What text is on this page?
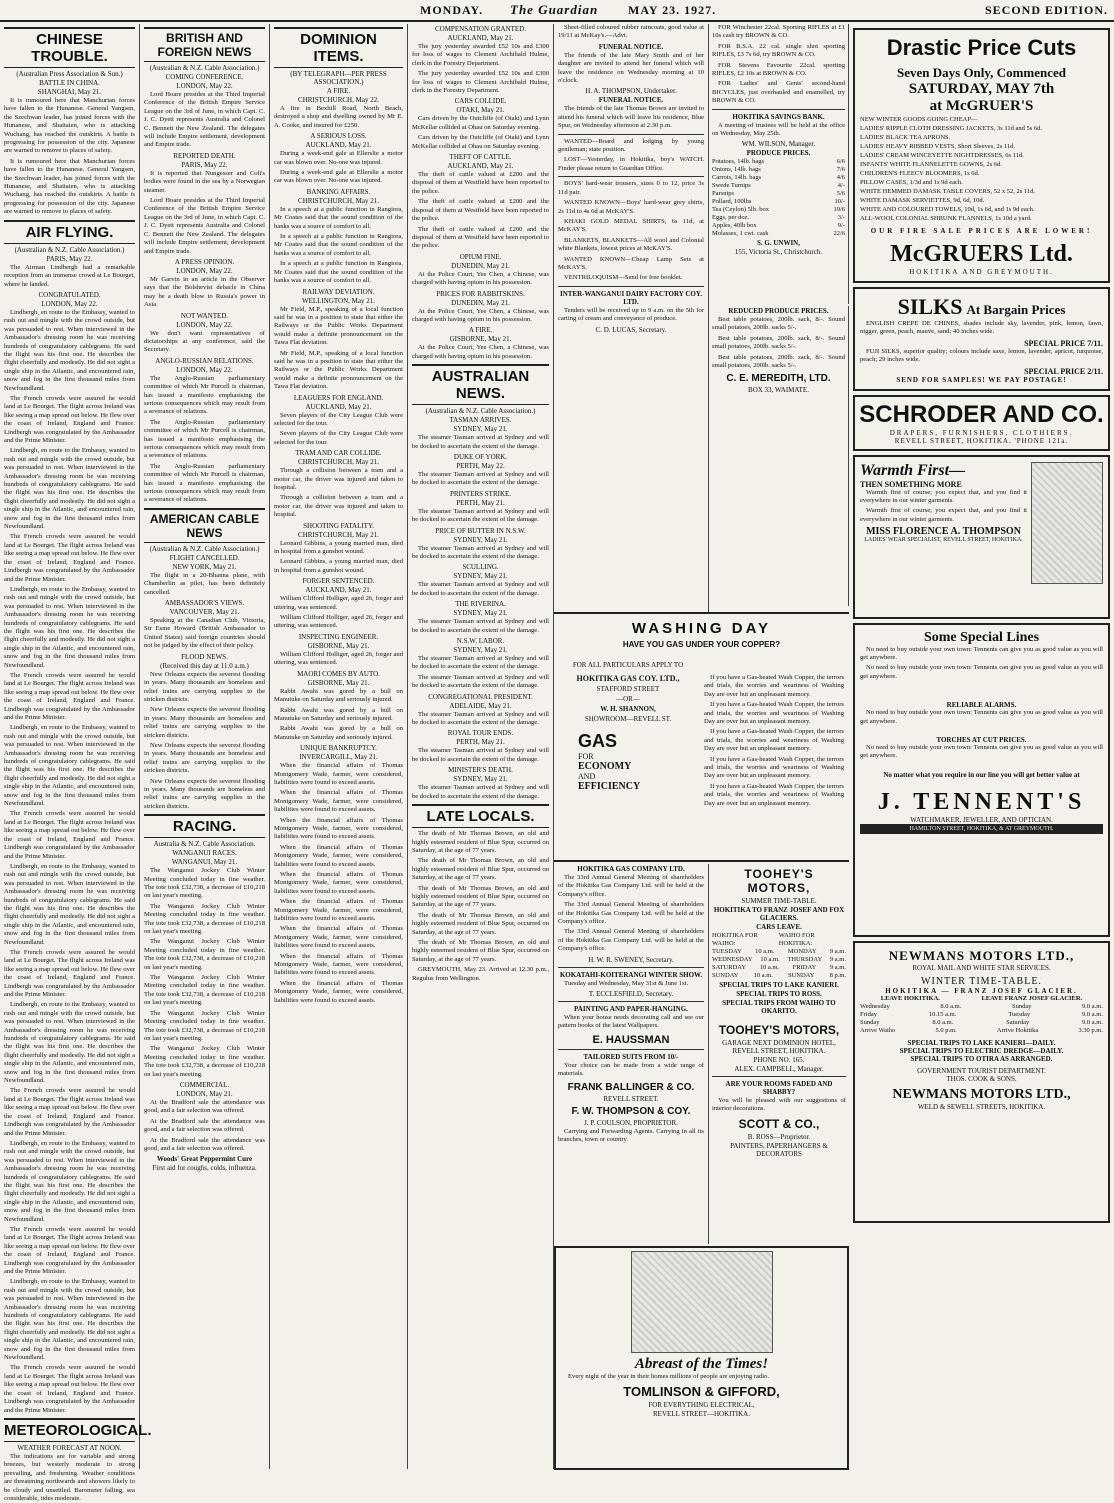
MONDAY. The Guardian MAY 23. 1927.	SECOND EDITION.
CHINESE TROUBLE.
(Australian Press Association & Sun.)
BATTLE IN CHINA.
SHANGHAI, May 21.

It is rumoured here that Manchurian forces have fallen to the Hunanese. General Yangsen, the Szechwan leader, has joined forces with the Hunanese, and Shaitaien, who is attacking Wuchang, has reached the outskirts. A battle is progressing for possession of the city. Japanese are warned to remove to places of safety.

It is rumoured here that Manchurian forces have fallen to the Hunanese. General Yangsen, the Szechwan leader, has joined forces with the Hunanese, and Shaitaien, who is attacking Wuchang, has reached the outskirts. A battle is progressing for possession of the city. Japanese are warned to remove to places of safety.

AIR FLYING.
(Australian & N.Z. Cable Association.)
PARIS, May 22.

The Airman Lindbergh had a remarkable reception from an immense crowd at Le Bourget, where he landed.

CONGRATULATED.
LONDON, May 22.

Lindbergh, en route to the Embassy, wanted to rush out and mingle with the crowd outside, but was persuaded to rest. When interviewed in the Ambassador's dressing room he was receiving hundreds of congratulatory cablegrams. He said the flight was his first one. He describes the flight cheerfully and modestly. He did not sight a single ship in the Atlantic, and encountered rain, snow and fog in the first thousand miles from Newfoundland.

The French crowds were assured he would land at Le Bourget. The flight across Ireland was like seeing a map spread out below. He flew over the coast of Ireland, England and France. Lindbergh was congratulated by the Ambassador and the Prime Minister.

Lindbergh, en route to the Embassy, wanted to rush out and mingle with the crowd outside, but was persuaded to rest. When interviewed in the Ambassador's dressing room he was receiving hundreds of congratulatory cablegrams. He said the flight was his first one. He describes the flight cheerfully and modestly. He did not sight a single ship in the Atlantic, and encountered rain, snow and fog in the first thousand miles from Newfoundland.

The French crowds were assured he would land at Le Bourget. The flight across Ireland was like seeing a map spread out below. He flew over the coast of Ireland, England and France. Lindbergh was congratulated by the Ambassador and the Prime Minister.

Lindbergh, en route to the Embassy, wanted to rush out and mingle with the crowd outside, but was persuaded to rest. When interviewed in the Ambassador's dressing room he was receiving hundreds of congratulatory cablegrams. He said the flight was his first one. He describes the flight cheerfully and modestly. He did not sight a single ship in the Atlantic, and encountered rain, snow and fog in the first thousand miles from Newfoundland.

The French crowds were assured he would land at Le Bourget. The flight across Ireland was like seeing a map spread out below. He flew over the coast of Ireland, England and France. Lindbergh was congratulated by the Ambassador and the Prime Minister.

Lindbergh, en route to the Embassy, wanted to rush out and mingle with the crowd outside, but was persuaded to rest. When interviewed in the Ambassador's dressing room he was receiving hundreds of congratulatory cablegrams. He said the flight was his first one. He describes the flight cheerfully and modestly. He did not sight a single ship in the Atlantic, and encountered rain, snow and fog in the first thousand miles from Newfoundland.

The French crowds were assured he would land at Le Bourget. The flight across Ireland was like seeing a map spread out below. He flew over the coast of Ireland, England and France. Lindbergh was congratulated by the Ambassador and the Prime Minister.

Lindbergh, en route to the Embassy, wanted to rush out and mingle with the crowd outside, but was persuaded to rest. When interviewed in the Ambassador's dressing room he was receiving hundreds of congratulatory cablegrams. He said the flight was his first one. He describes the flight cheerfully and modestly. He did not sight a single ship in the Atlantic, and encountered rain, snow and fog in the first thousand miles from Newfoundland.

The French crowds were assured he would land at Le Bourget. The flight across Ireland was like seeing a map spread out below. He flew over the coast of Ireland, England and France. Lindbergh was congratulated by the Ambassador and the Prime Minister.

Lindbergh, en route to the Embassy, wanted to rush out and mingle with the crowd outside, but was persuaded to rest. When interviewed in the Ambassador's dressing room he was receiving hundreds of congratulatory cablegrams. He said the flight was his first one. He describes the flight cheerfully and modestly. He did not sight a single ship in the Atlantic, and encountered rain, snow and fog in the first thousand miles from Newfoundland.

The French crowds were assured he would land at Le Bourget. The flight across Ireland was like seeing a map spread out below. He flew over the coast of Ireland, England and France. Lindbergh was congratulated by the Ambassador and the Prime Minister.

Lindbergh, en route to the Embassy, wanted to rush out and mingle with the crowd outside, but was persuaded to rest. When interviewed in the Ambassador's dressing room he was receiving hundreds of congratulatory cablegrams. He said the flight was his first one. He describes the flight cheerfully and modestly. He did not sight a single ship in the Atlantic, and encountered rain, snow and fog in the first thousand miles from Newfoundland.

The French crowds were assured he would land at Le Bourget. The flight across Ireland was like seeing a map spread out below. He flew over the coast of Ireland, England and France. Lindbergh was congratulated by the Ambassador and the Prime Minister.

Lindbergh, en route to the Embassy, wanted to rush out and mingle with the crowd outside, but was persuaded to rest. When interviewed in the Ambassador's dressing room he was receiving hundreds of congratulatory cablegrams. He said the flight was his first one. He describes the flight cheerfully and modestly. He did not sight a single ship in the Atlantic, and encountered rain, snow and fog in the first thousand miles from Newfoundland.

The French crowds were assured he would land at Le Bourget. The flight across Ireland was like seeing a map spread out below. He flew over the coast of Ireland, England and France. Lindbergh was congratulated by the Ambassador and the Prime Minister.

METEOROLOGICAL.
WEATHER FORECAST AT NOON.

The indications are for variable and strong breezes, but westerly moderate to strong prevailing, and freshening. Weather conditions are threatening northwards and showers likely to be cloudy and unsettled. Barometer falling, sea considerable, tides moderate.

BRITISH AND FOREIGN NEWS
(Australian & N.Z. Cable Association.)
COMING CONFERENCE.
LONDON, May 22.

Lord Hoare presides at the Third Imperial Conference of the British Empire Service League on the 3rd of June, in which Capt. C. J. C. Dyett represents Australia and Colonel C. Bennett the New Zealand. The delegates will include Empire settlement, development and Empire trade.

REPORTED DEATH.
PARIS, May 22.

It is reported that Nungesser and Coli's bodies were found in the sea by a Norwegian steamer.

Lord Hoare presides at the Third Imperial Conference of the British Empire Service League on the 3rd of June, in which Capt. C. J. C. Dyett represents Australia and Colonel C. Bennett the New Zealand. The delegates will include Empire settlement, development and Empire trade.

A PRESS OPINION.
LONDON, May 22.

Mr Garvin in an article in the Observer says that the Bolshevist debacle in China may be a death blow to Russia's power in Asia.

NOT WANTED.
LONDON, May 22.

We don't want representatives of dictatorships at any conference, said the Secretary.

ANGLO-RUSSIAN RELATIONS.
LONDON, May 22.

The Anglo-Russian parliamentary committee of which Mr Purcell is chairman, has issued a manifesto emphasising the serious consequences which may result from a severance of relations.

The Anglo-Russian parliamentary committee of which Mr Purcell is chairman, has issued a manifesto emphasising the serious consequences which may result from a severance of relations.

The Anglo-Russian parliamentary committee of which Mr Purcell is chairman, has issued a manifesto emphasising the serious consequences which may result from a severance of relations.

AMERICAN CABLE NEWS
(Australian & N.Z. Cable Association.)
FLIGHT CANCELLED.
NEW YORK, May 21.

The flight in a 20-Bhanna plane, with Chamberlin as pilot, has been definitely cancelled.

AMBASSADOR'S VIEWS.
VANCOUVER, May 21.

Speaking at the Canadian Club, Victoria, Sir Esme Howard (British Ambassador to United States) said foreign countries should not be judged by the effect of their policy.

FLOOD NEWS.
(Received this day at 11.0 a.m.)

New Orleans expects the severest flooding in years. Many thousands are homeless and relief trains are carrying supplies to the stricken districts.

New Orleans expects the severest flooding in years. Many thousands are homeless and relief trains are carrying supplies to the stricken districts.

New Orleans expects the severest flooding in years. Many thousands are homeless and relief trains are carrying supplies to the stricken districts.

New Orleans expects the severest flooding in years. Many thousands are homeless and relief trains are carrying supplies to the stricken districts.

RACING.
Australia & N.Z. Cable Association.
WANGANUI RACES.
WANGANUI, May 21.

The Wanganui Jockey Club Winter Meeting concluded today in fine weather. The tote took £32,738, a decrease of £10,218 on last year's meeting.

The Wanganui Jockey Club Winter Meeting concluded today in fine weather. The tote took £32,738, a decrease of £10,218 on last year's meeting.

The Wanganui Jockey Club Winter Meeting concluded today in fine weather. The tote took £32,738, a decrease of £10,218 on last year's meeting.

The Wanganui Jockey Club Winter Meeting concluded today in fine weather. The tote took £32,738, a decrease of £10,218 on last year's meeting.

The Wanganui Jockey Club Winter Meeting concluded today in fine weather. The tote took £32,738, a decrease of £10,218 on last year's meeting.

The Wanganui Jockey Club Winter Meeting concluded today in fine weather. The tote took £32,738, a decrease of £10,218 on last year's meeting.

COMMERCIAL.
LONDON, May 21.

At the Bradford sale the attendance was good, and a fair selection was offered.

At the Bradford sale the attendance was good, and a fair selection was offered.

At the Bradford sale the attendance was good, and a fair selection was offered.

Woods' Great Peppermint Cure
First aid for coughs, colds, influenza.
DOMINION ITEMS.
(BY TELEGRAPH—PER PRESS ASSOCIATION.)
A FIRE.
CHRISTCHURCH, May 22.

A fire in Bexhill Road, North Beach, destroyed a shop and dwelling owned by Mr E. A. Cooke, and insured for £250.

A SERIOUS LOSS.
AUCKLAND, May 21.

During a week-end gale at Ellerslie a motor car was blown over. No-one was injured.

During a week-end gale at Ellerslie a motor car was blown over. No-one was injured.

BANKING AFFAIRS.
CHRISTCHURCH, May 21.

In a speech at a public function in Rangiora, Mr Coates said that the sound condition of the banks was a source of comfort to all.

In a speech at a public function in Rangiora, Mr Coates said that the sound condition of the banks was a source of comfort to all.

In a speech at a public function in Rangiora, Mr Coates said that the sound condition of the banks was a source of comfort to all.

RAILWAY DEVIATION.
WELLINGTON, May 21.

Mr Field, M.P., speaking of a local function said he was in a position to state that either the Railways or the Public Works Department would make a definite pronouncement on the Tawa Flat deviation.

Mr Field, M.P., speaking of a local function said he was in a position to state that either the Railways or the Public Works Department would make a definite pronouncement on the Tawa Flat deviation.

LEAGUERS FOR ENGLAND.
AUCKLAND, May 21.

Seven players of the City League Club were selected for the tour.

Seven players of the City League Club were selected for the tour.

TRAM AND CAR COLLIDE.
CHRISTCHURCH, May 21.

Through a collision between a tram and a motor car, the driver was injured and taken to hospital.

Through a collision between a tram and a motor car, the driver was injured and taken to hospital.

SHOOTING FATALITY.
CHRISTCHURCH, May 21.

Leonard Gibbins, a young married man, died in hospital from a gunshot wound.

Leonard Gibbins, a young married man, died in hospital from a gunshot wound.

FORGER SENTENCED.
AUCKLAND, May 21.

William Clifford Holliger, aged 26, forger and uttering, was sentenced.

William Clifford Holliger, aged 26, forger and uttering, was sentenced.

INSPECTING ENGINEER.
GISBORNE, May 21.

William Clifford Holliger, aged 26, forger and uttering, was sentenced.

MAORI COMES BY AUTO.
GISBORNE, May 21.

Rabbi Awahi was gored by a bull on Manutuke on Saturday and seriously injured.

Rabbi Awahi was gored by a bull on Manutuke on Saturday and seriously injured.

Rabbi Awahi was gored by a bull on Manutuke on Saturday and seriously injured.

UNIQUE BANKRUPTCY.
INVERCARGILL, May 21.

When the financial affairs of Thomas Montgomery Wade, farmer, were considered, liabilities were found to exceed assets.

When the financial affairs of Thomas Montgomery Wade, farmer, were considered, liabilities were found to exceed assets.

When the financial affairs of Thomas Montgomery Wade, farmer, were considered, liabilities were found to exceed assets.

When the financial affairs of Thomas Montgomery Wade, farmer, were considered, liabilities were found to exceed assets.

When the financial affairs of Thomas Montgomery Wade, farmer, were considered, liabilities were found to exceed assets.

When the financial affairs of Thomas Montgomery Wade, farmer, were considered, liabilities were found to exceed assets.

When the financial affairs of Thomas Montgomery Wade, farmer, were considered, liabilities were found to exceed assets.

When the financial affairs of Thomas Montgomery Wade, farmer, were considered, liabilities were found to exceed assets.

When the financial affairs of Thomas Montgomery Wade, farmer, were considered, liabilities were found to exceed assets.

COMPENSATION GRANTED.
AUCKLAND, May 21.

The jury yesterday awarded £52 10s and £300 for loss of wages to Clement Archibald Hulme, clerk in the Forestry Department.

The jury yesterday awarded £52 10s and £300 for loss of wages to Clement Archibald Hulme, clerk in the Forestry Department.

CARS COLLIDE.
OTAKI, May 21.

Cars driven by the Outcliffe (of Otaki) and Lynn McKellar collided at Ohau on Saturday evening.

Cars driven by the Outcliffe (of Otaki) and Lynn McKellar collided at Ohau on Saturday evening.

THEFT OF CATTLE.
AUCKLAND, May 21.

The theft of cattle valued at £200 and the disposal of them at Westfield have been reported to the police.

The theft of cattle valued at £200 and the disposal of them at Westfield have been reported to the police.

The theft of cattle valued at £200 and the disposal of them at Westfield have been reported to the police.

OPIUM FINE.
DUNEDIN, May 21.

At the Police Court, Yee Chen, a Chinese, was charged with having opium in his possession.

PRICES FOR RABBITSKINS.
DUNEDIN, May 21.

At the Police Court, Yee Chen, a Chinese, was charged with having opium in his possession.

A FIRE.
GISBORNE, May 21.

At the Police Court, Yee Chen, a Chinese, was charged with having opium in his possession.

AUSTRALIAN NEWS.
(Australian & N.Z. Cable Association.)
TASMAN ARRIVES.
SYDNEY, May 21.

The steamer Tasman arrived at Sydney and will be docked to ascertain the extent of the damage.

DUKE OF YORK.
PERTH, May 22.

The steamer Tasman arrived at Sydney and will be docked to ascertain the extent of the damage.

PRINTERS STRIKE.
PERTH, May 21.

The steamer Tasman arrived at Sydney and will be docked to ascertain the extent of the damage.

PRICE OF BUTTER IN N.S.W.
SYDNEY, May 21.

The steamer Tasman arrived at Sydney and will be docked to ascertain the extent of the damage.

SCULLING.
SYDNEY, May 21.

The steamer Tasman arrived at Sydney and will be docked to ascertain the extent of the damage.

THE RIVERINA.
SYDNEY, May 21.

The steamer Tasman arrived at Sydney and will be docked to ascertain the extent of the damage.

N.S.W. LABOR.
SYDNEY, May 21.

The steamer Tasman arrived at Sydney and will be docked to ascertain the extent of the damage.

The steamer Tasman arrived at Sydney and will be docked to ascertain the extent of the damage.

CONGREGATIONAL PRESIDENT.
ADELAIDE, May 21.

The steamer Tasman arrived at Sydney and will be docked to ascertain the extent of the damage.

ROYAL TOUR ENDS.
PERTH, May 21.

The steamer Tasman arrived at Sydney and will be docked to ascertain the extent of the damage.

MINISTER'S DEATH.
SYDNEY, May 21.

The steamer Tasman arrived at Sydney and will be docked to ascertain the extent of the damage.

LATE LOCALS.

The death of Mr Thomas Brown, an old and highly esteemed resident of Blue Spur, occurred on Saturday, at the age of 77 years.

The death of Mr Thomas Brown, an old and highly esteemed resident of Blue Spur, occurred on Saturday, at the age of 77 years.

The death of Mr Thomas Brown, an old and highly esteemed resident of Blue Spur, occurred on Saturday, at the age of 77 years.

The death of Mr Thomas Brown, an old and highly esteemed resident of Blue Spur, occurred on Saturday, at the age of 77 years.

The death of Mr Thomas Brown, an old and highly esteemed resident of Blue Spur, occurred on Saturday, at the age of 77 years.

GREYMOUTH, May 23. Arrived at 12.30 p.m., Regulus from Wellington.

Sheet-filled coloured rubber raincoats, good value at 19/11 at McKay's.—Advt.

FUNERAL NOTICE.

The friends of the late Mary Smith and of her daughter are invited to attend her funeral which will leave the residence on Wednesday morning at 10 o'clock.

H. A. THOMPSON, Undertaker.
FUNERAL NOTICE.

The friends of the late Thomas Brown are invited to attend his funeral which will leave his residence, Blue Spur, on Wednesday afternoon at 2.30 p.m.

WANTED—Board and lodging by young gentleman; state position.

LOST—Yesterday, in Hokitika, boy's WATCH. Finder please return to Guardian Office.

BOYS' hard-wear trousers, sizes 0 to 12, price 3s 11d pair.

WANTED KNOWN—Boys' hard-wear grey shirts, 2s 11d to 4s 6d at McKAY'S.

KHAKI GOLD MEDAL SHIRTS, 6s 11d, at McKAY'S.

BLANKETS, BLANKETS—All wool and Colonial white Blankets, lowest prices at McKAY'S.

WANTED KNOWN—Cheap Lamp Sets at McKAY'S.

VENTRILOQUISM—Send for free booklet.

INTER-WANGANUI DAIRY FACTORY COY. LTD.

Tenders will be received up to 9 a.m. on the 5th for carting of cream and conveyance of produce.

C. D. LUCAS, Secretary.
WASHING DAY
HAVE YOU GAS UNDER YOUR COPPER?
FOR ALL PARTICULARS APPLY TO
HOKITIKA GAS COY. LTD.,
STAFFORD STREET
—OR—
W. H. SHANNON,
SHOWROOM—REVELL ST.
GAS
FOR
ECONOMY
AND
EFFICIENCY

If you have a Gas-heated Wash Copper, the terrors and trials, the worries and weariness of Washing Day are over but an unpleasant memory.

If you have a Gas-heated Wash Copper, the terrors and trials, the worries and weariness of Washing Day are over but an unpleasant memory.

If you have a Gas-heated Wash Copper, the terrors and trials, the worries and weariness of Washing Day are over but an unpleasant memory.

If you have a Gas-heated Wash Copper, the terrors and trials, the worries and weariness of Washing Day are over but an unpleasant memory.

If you have a Gas-heated Wash Copper, the terrors and trials, the worries and weariness of Washing Day are over but an unpleasant memory.

HOKITIKA GAS COMPANY LTD.

The 33rd Annual General Meeting of shareholders of the Hokitika Gas Company Ltd. will be held at the Company's office.

The 33rd Annual General Meeting of shareholders of the Hokitika Gas Company Ltd. will be held at the Company's office.

The 33rd Annual General Meeting of shareholders of the Hokitika Gas Company Ltd. will be held at the Company's office.

H. W. R. SWENEY, Secretary.
KOKATAHI-KOITERANGI WINTER SHOW.

Tuesday and Wednesday, May 31st & June 1st.

T. ECCLESFIELD, Secretary.
PAINTING AND PAPER-HANGING.

When your house needs decorating call and see our pattern books of the latest Wallpapers.

E. HAUSSMAN
TAILORED SUITS FROM 10/-

Your choice can be made from a wide range of materials.

FRANK BALLINGER & CO.
REVELL STREET.
F. W. THOMPSON & COY.
J. P. COULSON, PROPRIETOR.

Carrying and Forwarding Agents. Carrying in all its branches, town or country.

FOR Winchester 22cal. Sporting RIFLES at £1 10s cash try BROWN & CO.

FOR B.S.A. 22 cal. single shot sporting RIFLES, £3 7s 6d, try BROWN & CO.

FOR Stevens Favourite 22cal. sporting RIFLES, £2 10s at BROWN & CO.

FOR Ladies' and Gents' second-hand BICYCLES, just overhauled and enamelled, try BROWN & CO.

HOKITIKA SAVINGS BANK.

A meeting of trustees will be held at the office on Wednesday, May 25th.

WM. WILSON, Manager.
PRODUCE PRICES.
Potatoes, 14lb. bags	6/6
Onions, 14lb. bags	7/6
Carrots, 14lb. bags	4/6
Swede Turnips	4/-
Parsnips	5/6
Pollard, 100lbs	10/-
Tea (Ceylon) 5lb. box	19/6
Eggs, per doz.	3/-
Apples, 40lb box	9/-
Molasses, 1 cwt. cask	22/6
S. G. UNWIN,
155, Victoria St., Christchurch.
REDUCED PRODUCE PRICES.

Best table potatoes, 200lb. sack, 8/-. Sound small potatoes, 200lb. sacks 5/-.

Best table potatoes, 200lb. sack, 8/-. Sound small potatoes, 200lb. sacks 5/-.

Best table potatoes, 200lb. sack, 8/-. Sound small potatoes, 200lb. sacks 5/-.

C. E. MEREDITH, LTD.
BOX 33, WAIMATE.
TOOHEY'S MOTORS,
SUMMER TIME-TABLE.
HOKITIKA TO FRANZ JOSEF AND FOX GLACIERS.
CARS LEAVE.
HOKITIKA FOR WAIHO:
WAIHO FOR HOKITIKA:
TUESDAY 10 a.m. MONDAY 9 a.m.
WEDNESDAY 10 a.m. THURSDAY 9 a.m.
SATURDAY 10 a.m. FRIDAY 9 a.m.
SUNDAY 10 a.m. SUNDAY 8 p.m.
SPECIAL TRIPS TO LAKE KANIERI.
SPECIAL TRIPS TO ROSS.
SPECIAL TRIPS FROM WAIHO TO OKARITO.
TOOHEY'S MOTORS,
GARAGE NEXT DOMINION HOTEL, REVELL STREET, HOKITIKA.
PHONE NO. 165.
ALEX. CAMPBELL, Manager.
ARE YOUR ROOMS FADED AND SHABBY?

You will be pleased with our suggestions of interior decorations.

SCOTT & CO.,
B. ROSS—Proprietor.
PAINTERS, PAPERHANGERS & DECORATORS
Abreast of the Times!

Every night of the year in their homes millions of people are enjoying radio.

TOMLINSON & GIFFORD,
FOR EVERYTHING ELECTRICAL,
REVELL STREET—HOKITIKA.
Drastic Price Cuts
Seven Days Only, Commenced
SATURDAY, MAY 7th
at McGRUER'S
NEW WINTER GOODS GOING CHEAP—
LADIES' RIPPLE CLOTH DRESSING JACKETS, 3s 11d and 5s 6d.
LADIES' BLACK TEA APRONS.
LADIES' HEAVY RIBBED VESTS, Short Sleeves, 2s 11d.
LADIES' CREAM WINCEYETTE NIGHTDRESSES, 6s 11d.
INFANTS' WHITE FLANNELETTE GOWNS, 2s 6d.
CHILDREN'S FLEECY BLOOMERS, 1s 6d.
PILLOW CASES, 1/3d and 1s 9d each.
WHITE HEMMED DAMASK TABLE COVERS, 52 x 52, 2s 11d.
WHITE DAMASK SERVIETTES, 9d, 6d, 10d.
WHITE AND COLOURED TOWELS, 10d, 1s 6d, and 1s 9d each.
ALL-WOOL COLONIAL SHRUNK FLANNELS, 1s 10d a yard.
OUR FIRE SALE PRICES ARE LOWER!
McGRUERS Ltd.
HOKITIKA AND GREYMOUTH.
SILKS At Bargain Prices

ENGLISH CREPE DE CHINES, shades include sky, lavender, pink, lemon, fawn, nigger, green, peach, mauve, sand; 40 inches wide.

SPECIAL PRICE 7/11.

FUJI SILKS, superior quality; colours include saxe, lemon, lavender, apricot, turquoise, peach; 29 inches wide.

SPECIAL PRICE 2/11.
SEND FOR SAMPLES! WE PAY POSTAGE!
SCHRODER AND CO.
DRAPERS, FURNISHERS, CLOTHIERS.
REVELL STREET, HOKITIKA. 'PHONE 121a.
Warmth First—
THEN SOMETHING MORE

Warmth first of course; you expect that, and you find it everywhere in our winter garments.

Warmth first of course; you expect that, and you find it everywhere in our winter garments.

MISS FLORENCE A. THOMPSON
LADIES' WEAR SPECIALIST, REVELL STREET, HOKITIKA.
Some Special Lines

No need to buy outside your own town: Tennents can give you as good value as you will get anywhere.

No need to buy outside your own town: Tennents can give you as good value as you will get anywhere.

RELIABLE ALARMS.

No need to buy outside your own town: Tennents can give you as good value as you will get anywhere.

TORCHES AT CUT PRICES.

No need to buy outside your own town: Tennents can give you as good value as you will get anywhere.

No matter what you require in our line you will get better value at
J. TENNENT'S
WATCHMAKER, JEWELLER, AND OPTICIAN.
HAMILTON STREET, HOKITIKA, & AT GREYMOUTH.
NEWMANS MOTORS LTD.,
ROYAL MAIL AND WHITE STAR SERVICES.
WINTER TIME-TABLE.
HOKITIKA — FRANZ JOSEF GLACIER.
LEAVE HOKITIKA.	LEAVE FRANZ JOSEF GLACIER.
Wednesday	8.0 a.m.	Sunday	9.0 a.m.
Friday	10.15 a.m.	Tuesday	9.0 a.m.
Sunday	8.0 a.m.	Saturday	9.0 a.m.
Arrive Waiho	5.0 p.m.	Arrive Hokitika	3.30 p.m.
SPECIAL TRIPS TO LAKE KANIERI—DAILY.
SPECIAL TRIPS TO ELECTRIC DREDGE—DAILY.
SPECIAL TRIPS TO OTIRA AS ARRANGED.
GOVERNMENT TOURIST DEPARTMENT.
THOS. COOK & SONS.
NEWMANS MOTORS LTD.,
WELD & SEWELL STREETS, HOKITIKA.
